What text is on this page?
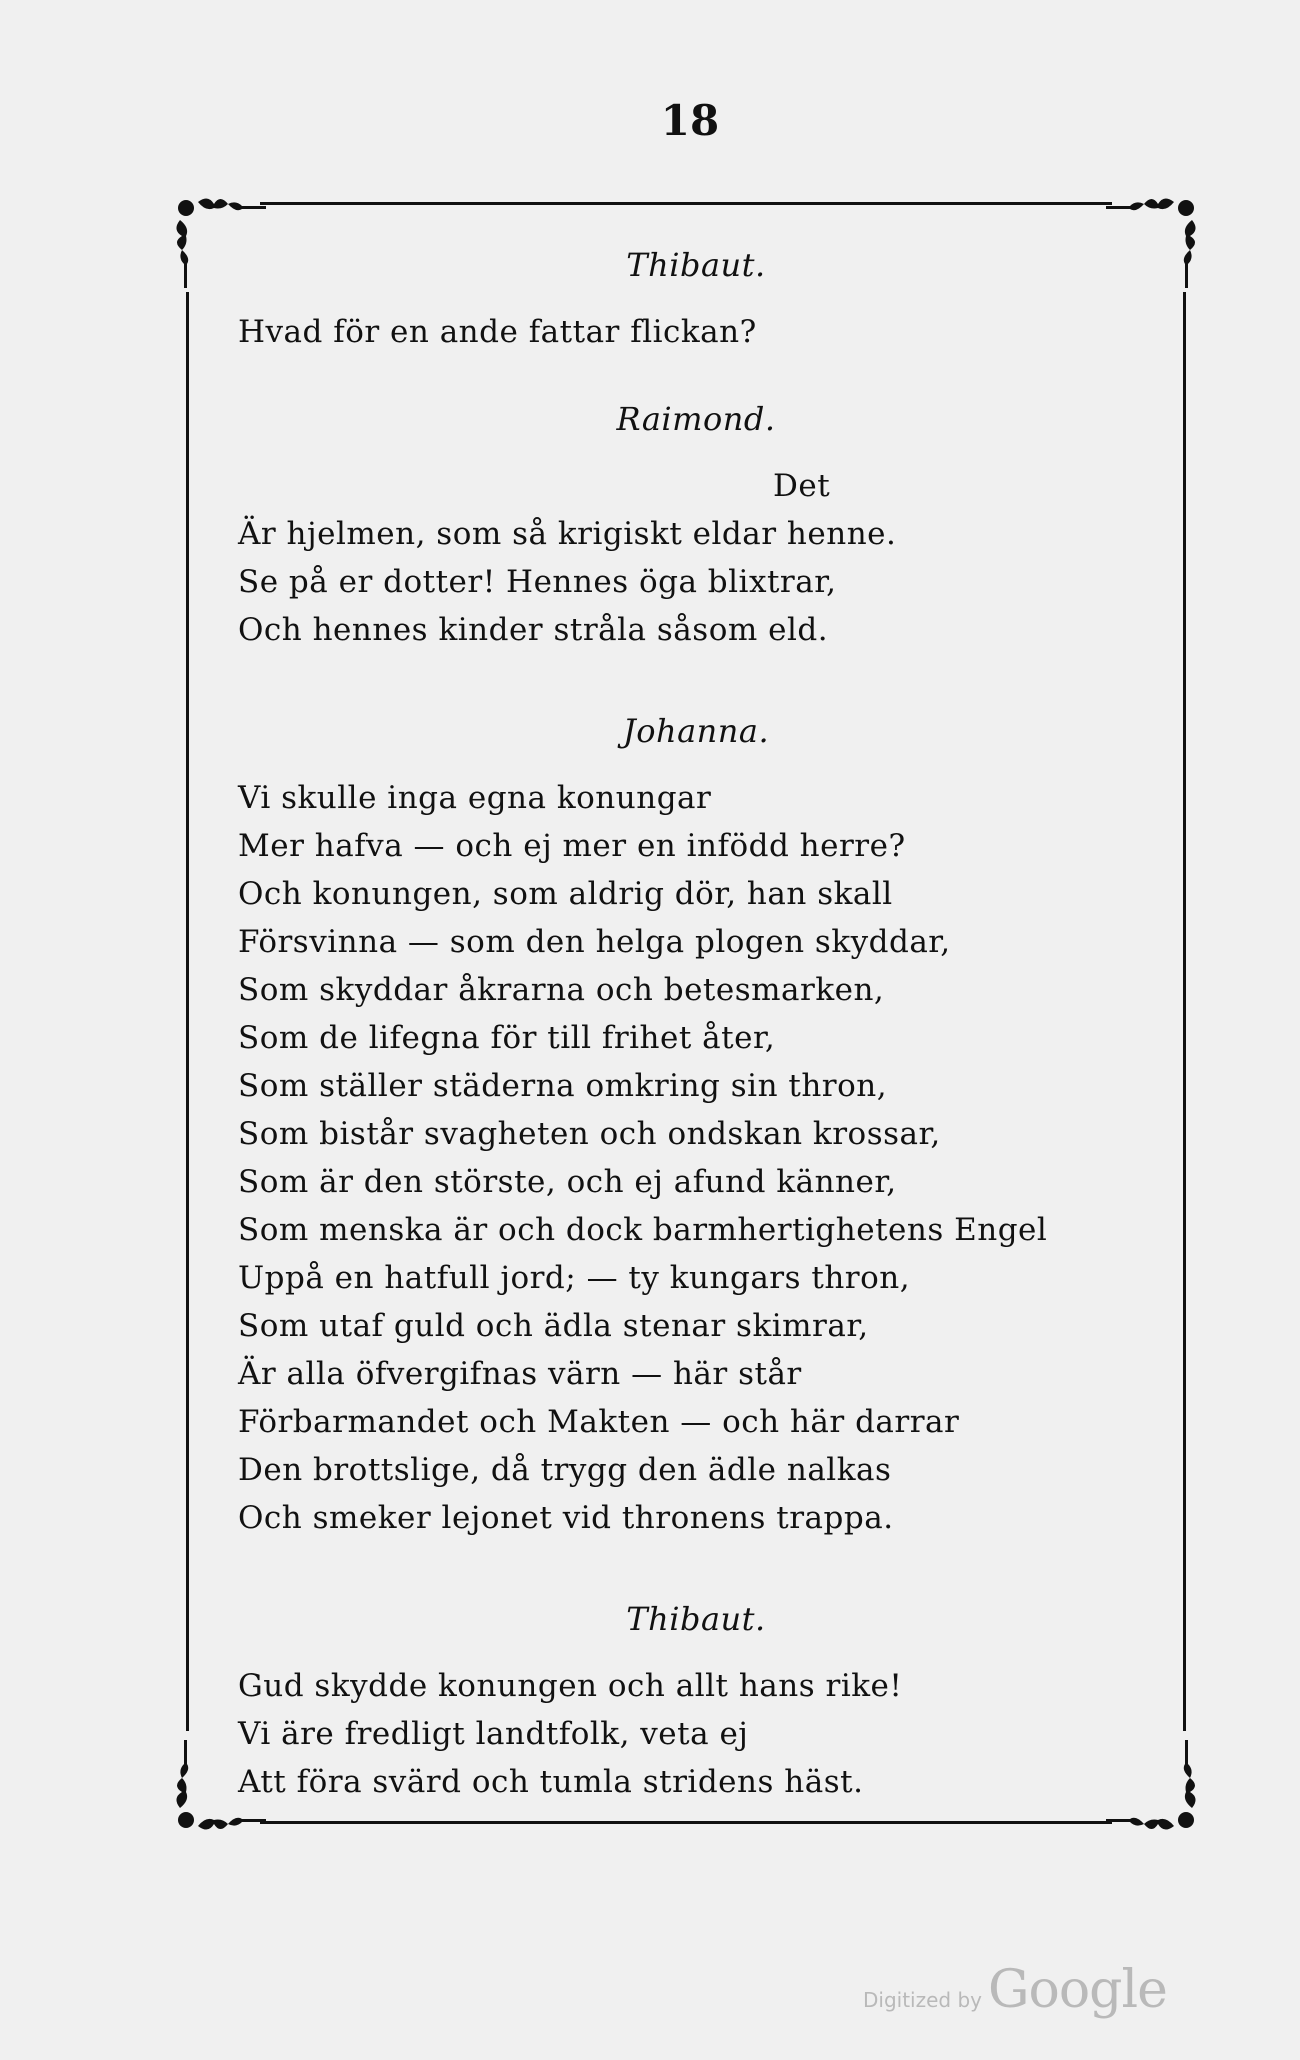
18
Thibaut.
Hvad för en ande fattar flickan?
Raimond.
Det
Är hjelmen, som så krigiskt eldar henne.
Se på er dotter! Hennes öga blixtrar,
Och hennes kinder stråla såsom eld.
Johanna.
Vi skulle inga egna konungar
Mer hafva — och ej mer en infödd herre?
Och konungen, som aldrig dör, han skall
Försvinna — som den helga plogen skyddar,
Som skyddar åkrarna och betesmarken,
Som de lifegna för till frihet åter,
Som ställer städerna omkring sin thron,
Som bistår svagheten och ondskan krossar,
Som är den störste, och ej afund känner,
Som menska är och dock barmhertighetens Engel
Uppå en hatfull jord; — ty kungars thron,
Som utaf guld och ädla stenar skimrar,
Är alla öfvergifnas värn — här står
Förbarmandet och Makten — och här darrar
Den brottslige, då trygg den ädle nalkas
Och smeker lejonet vid thronens trappa.
Thibaut.
Gud skydde konungen och allt hans rike!
Vi äre fredligt landtfolk, veta ej
Att föra svärd och tumla stridens häst.
Digitized by Google
